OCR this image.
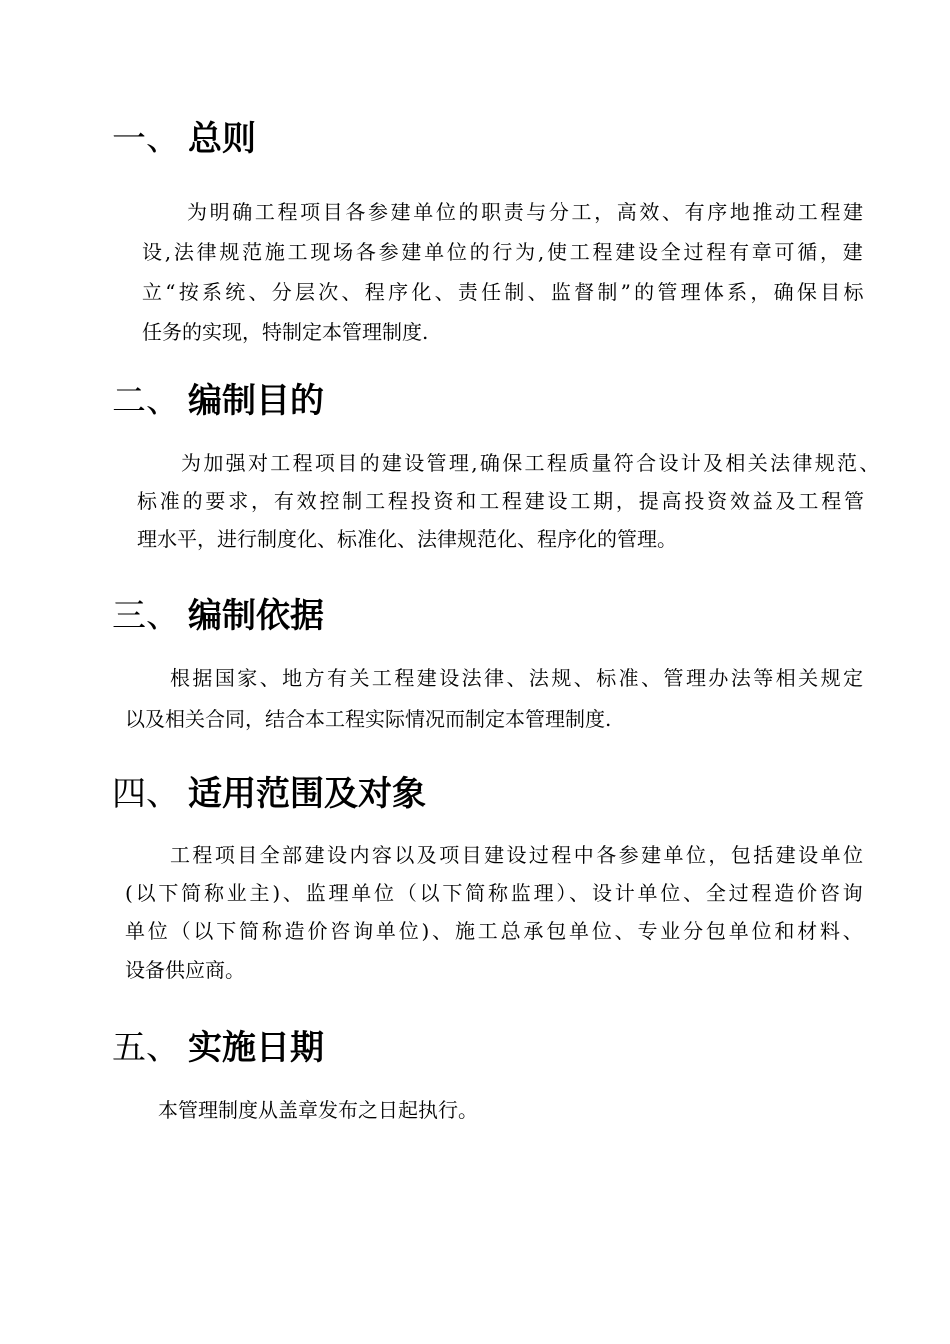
一、 总则
为明确工程项目各参建单位的职责与分工，高效、有序地推动工程建
设,法律规范施工现场各参建单位的行为,使工程建设全过程有章可循，建
立“按系统、分层次、程序化、责任制、监督制”的管理体系，确保目标
任务的实现，特制定本管理制度.
二、 编制目的
为加强对工程项目的建设管理,确保工程质量符合设计及相关法律规范、
标准的要求，有效控制工程投资和工程建设工期，提高投资效益及工程管
理水平，进行制度化、标准化、法律规范化、程序化的管理。
三、 编制依据
根据国家、地方有关工程建设法律、法规、标准、管理办法等相关规定
以及相关合同，结合本工程实际情况而制定本管理制度.
四、 适用范围及对象
工程项目全部建设内容以及项目建设过程中各参建单位，包括建设单位
(以下简称业主)、监理单位（以下简称监理）、设计单位、全过程造价咨询
单位（以下简称造价咨询单位)、施工总承包单位、专业分包单位和材料、
设备供应商。
五、 实施日期
本管理制度从盖章发布之日起执行。
